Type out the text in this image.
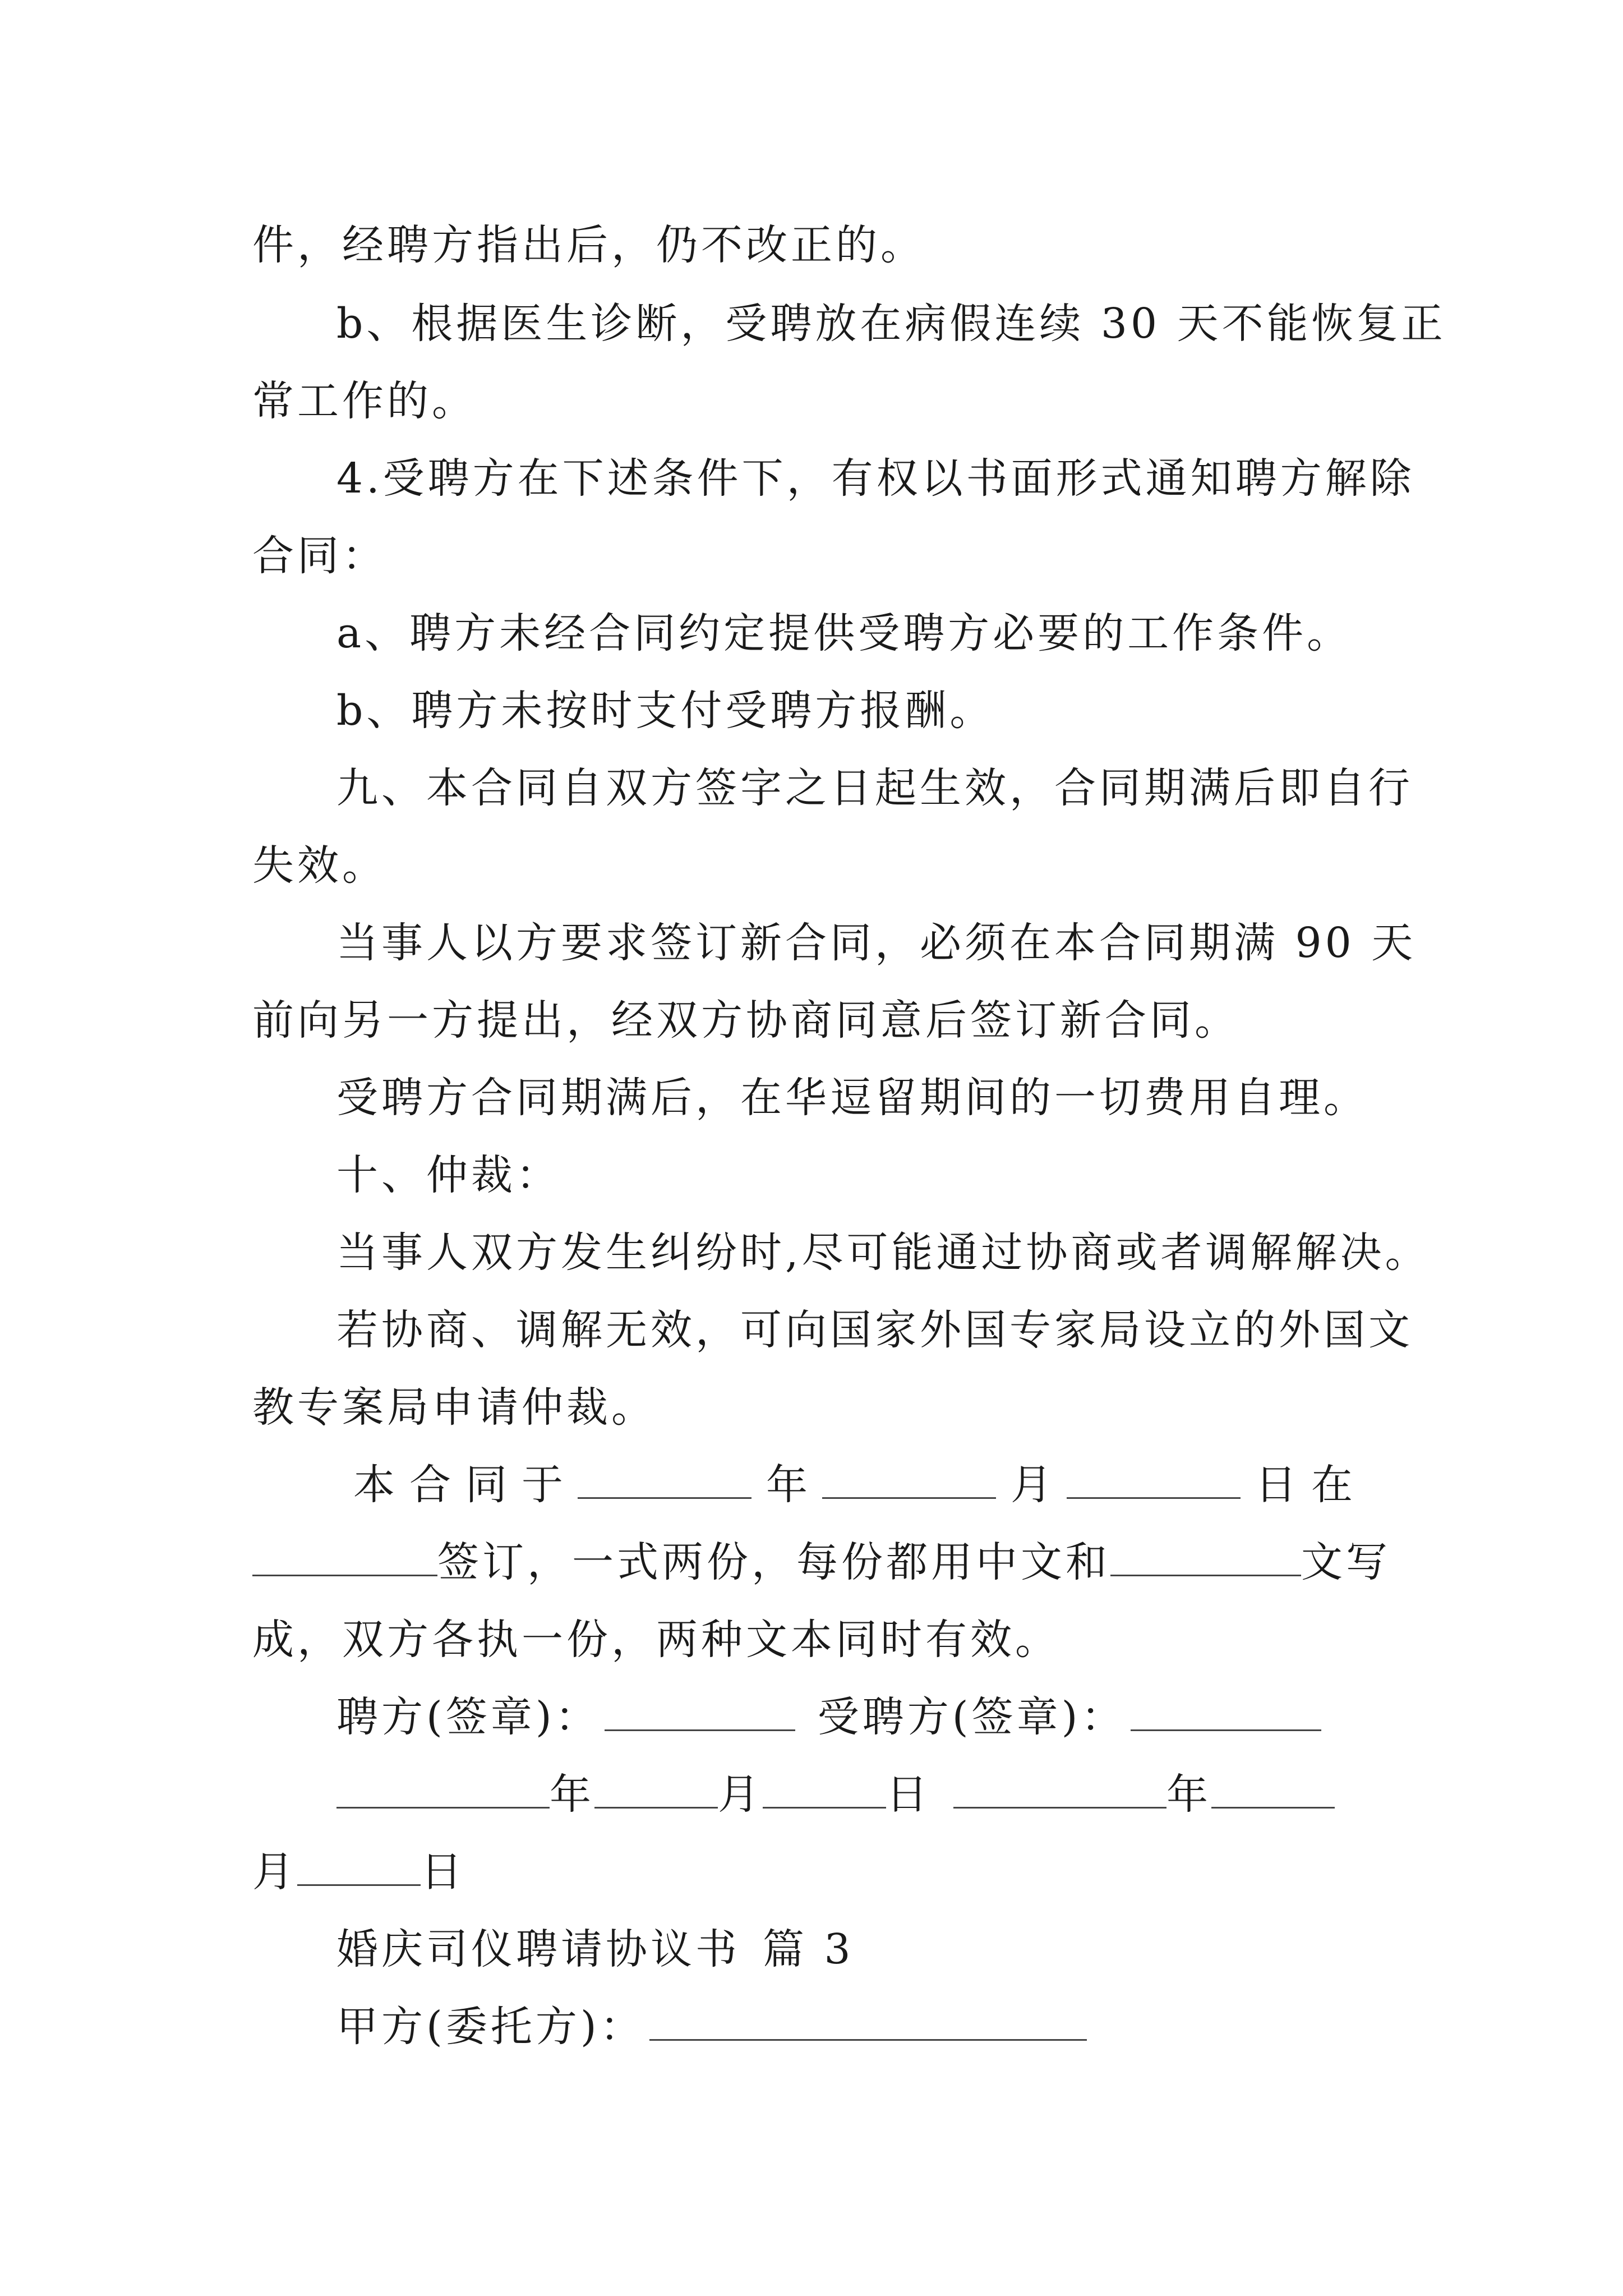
件，经聘方指出后，仍不改正的。
b、根据医生诊断，受聘放在病假连续 30 天不能恢复正
常工作的。
4.受聘方在下述条件下，有权以书面形式通知聘方解除
合同：
a、聘方未经合同约定提供受聘方必要的工作条件。
b、聘方未按时支付受聘方报酬。
九、本合同自双方签字之日起生效，合同期满后即自行
失效。
当事人以方要求签订新合同，必须在本合同期满 90 天
前向另一方提出，经双方协商同意后签订新合同。
受聘方合同期满后，在华逗留期间的一切费用自理。
十、仲裁：
当事人双方发生纠纷时,尽可能通过协商或者调解解决。
若协商、调解无效，可向国家外国专家局设立的外国文
教专案局申请仲裁。
本合同于	年	月	日在
签订，一式两份，每份都用中文和	文写
成，双方各执一份，两种文本同时有效。
聘方(签章)：	受聘方(签章)：
年	月	日	年
月	日
婚庆司仪聘请协议书 篇 3
甲方(委托方)：
